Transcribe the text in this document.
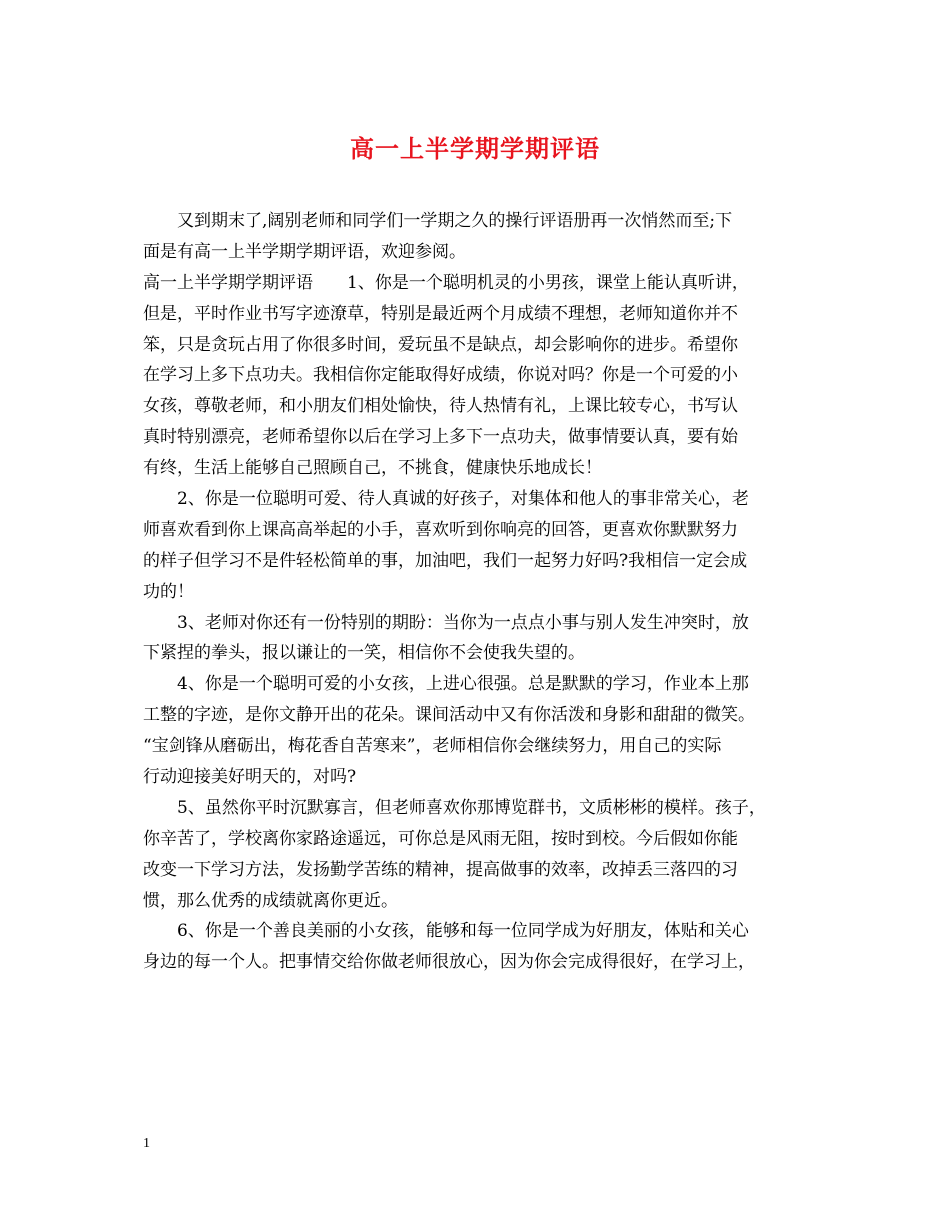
高一上半学期学期评语
　　又到期末了,阔别老师和同学们一学期之久的操行评语册再一次悄然而至;下
面是有高一上半学期学期评语，欢迎参阅。
高一上半学期学期评语　　1、你是一个聪明机灵的小男孩，课堂上能认真听讲，
但是，平时作业书写字迹潦草，特别是最近两个月成绩不理想，老师知道你并不
笨，只是贪玩占用了你很多时间，爱玩虽不是缺点，却会影响你的进步。希望你
在学习上多下点功夫。我相信你定能取得好成绩，你说对吗？你是一个可爱的小
女孩，尊敬老师，和小朋友们相处愉快，待人热情有礼，上课比较专心，书写认
真时特别漂亮，老师希望你以后在学习上多下一点功夫，做事情要认真，要有始
有终，生活上能够自己照顾自己，不挑食，健康快乐地成长！
　　2、你是一位聪明可爱、待人真诚的好孩子，对集体和他人的事非常关心，老
师喜欢看到你上课高高举起的小手，喜欢听到你响亮的回答，更喜欢你默默努力
的样子但学习不是件轻松简单的事，加油吧，我们一起努力好吗?我相信一定会成
功的！
　　3、老师对你还有一份特别的期盼：当你为一点点小事与别人发生冲突时，放
下紧捏的拳头，报以谦让的一笑，相信你不会使我失望的。
　　4、你是一个聪明可爱的小女孩，上进心很强。总是默默的学习，作业本上那
工整的字迹，是你文静开出的花朵。课间活动中又有你活泼和身影和甜甜的微笑。
“宝剑锋从磨砺出，梅花香自苦寒来”，老师相信你会继续努力，用自己的实际
行动迎接美好明天的，对吗?
　　5、虽然你平时沉默寡言，但老师喜欢你那博览群书，文质彬彬的模样。孩子，
你辛苦了，学校离你家路途遥远，可你总是风雨无阻，按时到校。今后假如你能
改变一下学习方法，发扬勤学苦练的精神，提高做事的效率，改掉丢三落四的习
惯，那么优秀的成绩就离你更近。
　　6、你是一个善良美丽的小女孩，能够和每一位同学成为好朋友，体贴和关心
身边的每一个人。把事情交给你做老师很放心，因为你会完成得很好，在学习上，
1
